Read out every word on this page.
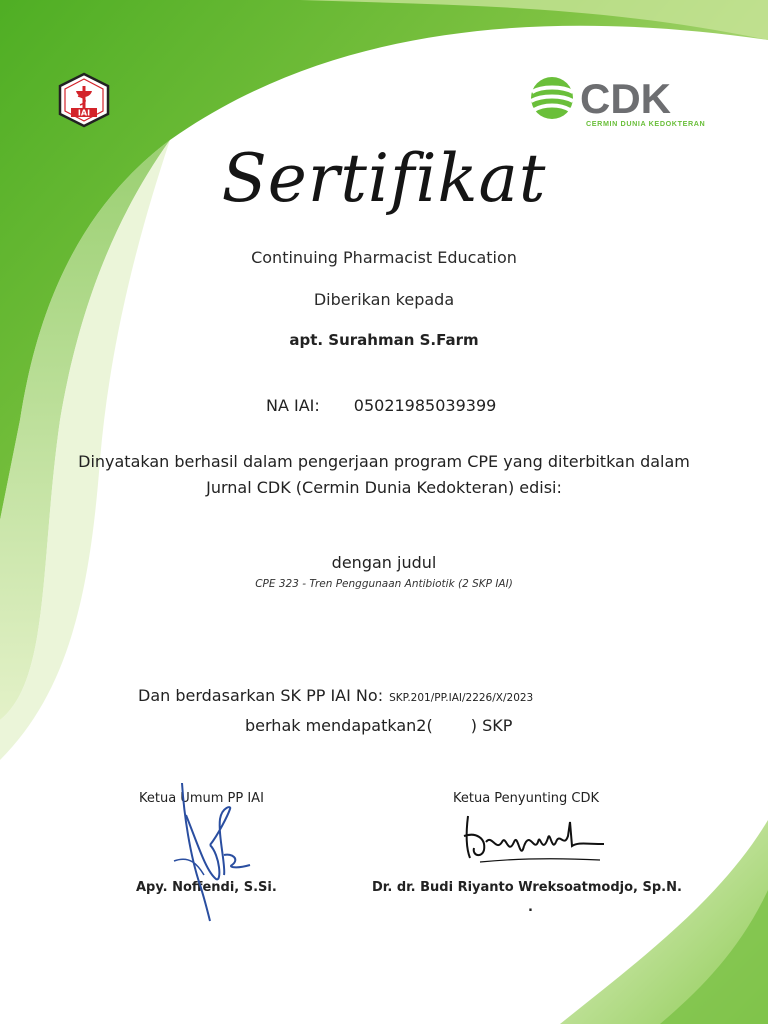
IAI	CDK
CERMIN DUNIA KEDOKTERAN
Sertifikat
Continuing Pharmacist Education
Diberikan kepada
apt. Surahman S.Farm
NA IAI: 05021985039399
Dinyatakan berhasil dalam pengerjaan program CPE yang diterbitkan dalam
Jurnal CDK (Cermin Dunia Kedokteran) edisi:
dengan judul
CPE 323 - Tren Penggunaan Antibiotik (2 SKP IAI)
Dan berdasarkan SK PP IAI No: SKP.201/PP.IAI/2226/X/2023
berhak mendapatkan2( ) SKP
Ketua Umum PP IAI	Ketua Penyunting CDK
Apy. Noffendi, S.Si.	Dr. dr. Budi Riyanto Wreksoatmodjo, Sp.N.
.
